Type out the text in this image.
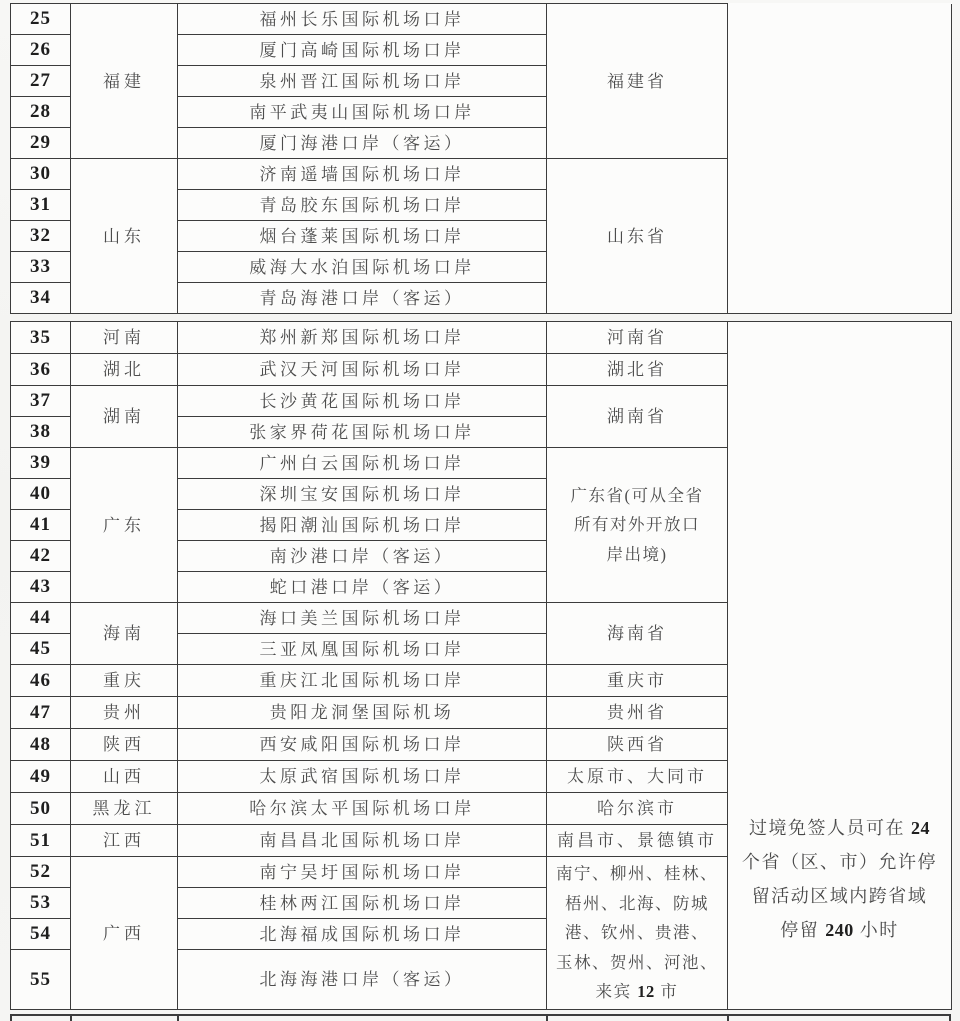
25	福建	福州长乐国际机场口岸	福建省	
26		厦门高崎国际机场口岸		
27		泉州晋江国际机场口岸		
28		南平武夷山国际机场口岸		
29		厦门海港口岸（客运）		
30	山东	济南遥墙国际机场口岸	山东省	
31		青岛胶东国际机场口岸		
32		烟台蓬莱国际机场口岸		
33		威海大水泊国际机场口岸		
34		青岛海港口岸（客运）		
35	河南	郑州新郑国际机场口岸	河南省	过境免签人员可在 24
个省（区、市）允许停
留活动区域内跨省域
停留 240 小时
36	湖北	武汉天河国际机场口岸	湖北省	
37	湖南	长沙黄花国际机场口岸	湖南省	
38		张家界荷花国际机场口岸		
39	广东	广州白云国际机场口岸	广东省(可从全省
所有对外开放口
岸出境)	
40		深圳宝安国际机场口岸		
41		揭阳潮汕国际机场口岸		
42		南沙港口岸（客运）		
43		蛇口港口岸（客运）		
44	海南	海口美兰国际机场口岸	海南省	
45		三亚凤凰国际机场口岸		
46	重庆	重庆江北国际机场口岸	重庆市	
47	贵州	贵阳龙洞堡国际机场	贵州省	
48	陕西	西安咸阳国际机场口岸	陕西省	
49	山西	太原武宿国际机场口岸	太原市、大同市	
50	黑龙江	哈尔滨太平国际机场口岸	哈尔滨市	
51	江西	南昌昌北国际机场口岸	南昌市、景德镇市	
52	广西	南宁吴圩国际机场口岸	南宁、柳州、桂林、
梧州、北海、防城
港、钦州、贵港、
玉林、贺州、河池、
来宾 12 市	
53		桂林两江国际机场口岸		
54		北海福成国际机场口岸		
55		北海海港口岸（客运）		
